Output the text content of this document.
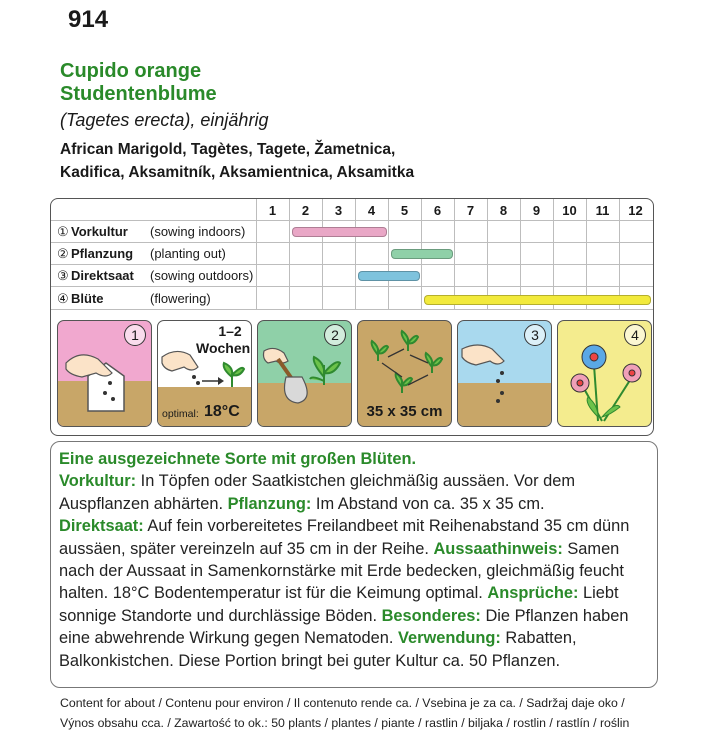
914
Cupido orange
Studentenblume
(Tagetes erecta), einjährig
African Marigold, Tagètes, Tagete, Žametnica,
Kadifica, Aksamitník, Aksamientnica, Aksamitka
1	2	3	4	5	6	7	8	9	10	11	12
① Vorkultur (sowing indoors)
② Pflanzung (planting out)
③ Direktsaat (sowing outdoors)
④ Blüte	(flowering)
1	1–2
Wochen
optimal: 18°C
2
35 x 35 cm
3	4
Eine ausgezeichnete Sorte mit großen Blüten.
Vorkultur: In Töpfen oder Saatkistchen gleichmäßig aussäen. Vor dem Auspflanzen abhärten. Pflanzung: Im Abstand von ca. 35 x 35 cm.
Direktsaat: Auf fein vorbereitetes Freilandbeet mit Reihenabstand 35 cm dünn aussäen, später vereinzeln auf 35 cm in der Reihe. Aussaathinweis: Samen nach der Aussaat in Samenkornstärke mit Erde bedecken, gleichmäßig feucht halten. 18°C Bodentemperatur ist für die Keimung optimal. Ansprüche: Liebt sonnige Standorte und durchlässige Böden. Besonderes: Die Pflanzen haben eine abwehrende Wirkung gegen Nematoden. Verwendung: Rabatten, Balkonkistchen. Diese Portion bringt bei guter Kultur ca. 50 Pflanzen.
Content for about / Contenu pour environ / Il contenuto rende ca. / Vsebina je za ca. / Sadržaj daje oko /
Výnos obsahu cca. / Zawartość to ok.: 50 plants / plantes / piante / rastlin / biljaka / rostlin / rastlín / roślin
